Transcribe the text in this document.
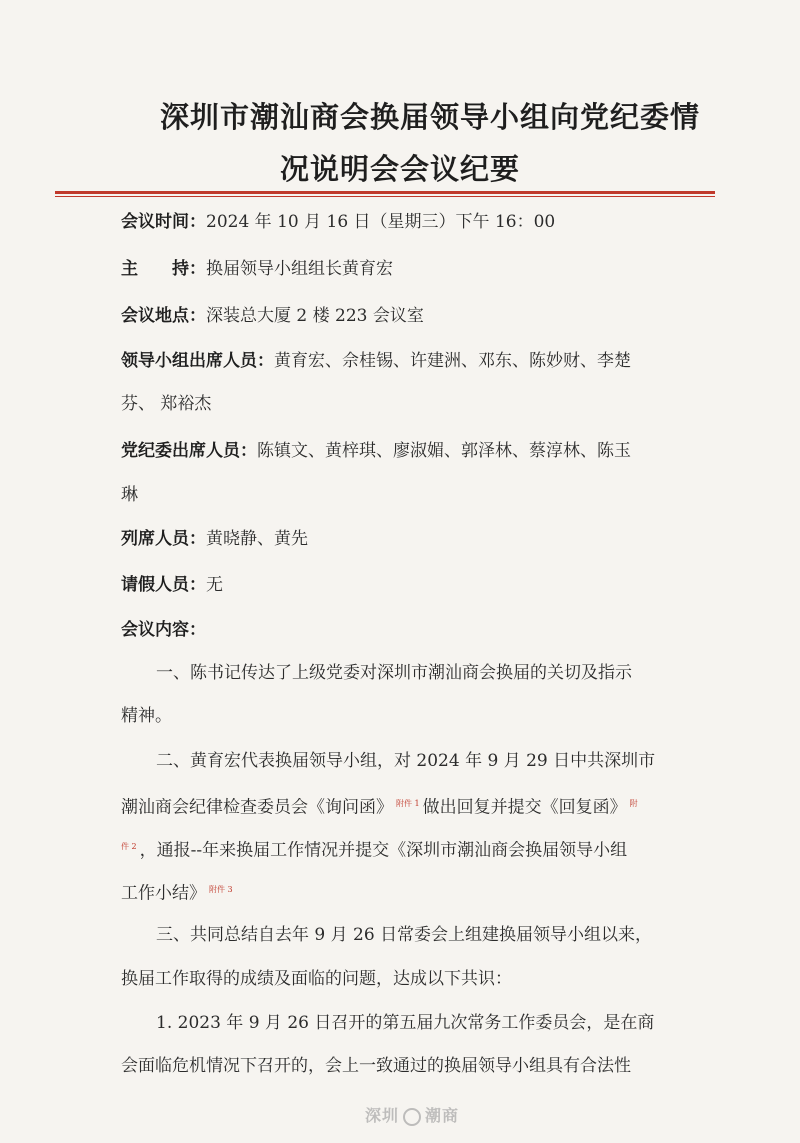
深圳市潮汕商会换届领导小组向党纪委情
况说明会会议纪要
会议时间：2024 年 10 月 16 日（星期三）下午 16：00
主　　持：换届领导小组组长黄育宏
会议地点：深装总大厦 2 楼 223 会议室
领导小组出席人员：黄育宏、佘桂锡、许建洲、邓东、陈妙财、李楚
芬、 郑裕杰
党纪委出席人员：陈镇文、黄梓琪、廖淑媚、郭泽林、蔡淳林、陈玉
琳
列席人员：黄晓静、黄先
请假人员：无
会议内容：
一、陈书记传达了上级党委对深圳市潮汕商会换届的关切及指示
精神。
二、黄育宏代表换届领导小组，对 2024 年 9 月 29 日中共深圳市
潮汕商会纪律检查委员会《询问函》 $^{附件 1}$ 做出回复并提交《回复函》 $^附$
$^{件 2}$ ，通报--年来换届工作情况并提交《深圳市潮汕商会换届领导小组
工作小结》 $^{附件 3}$
三、共同总结自去年 9 月 26 日常委会上组建换届领导小组以来，
换届工作取得的成绩及面临的问题，达成以下共识：
1. 2023 年 9 月 26 日召开的第五届九次常务工作委员会，是在商
会面临危机情况下召开的，会上一致通过的换届领导小组具有合法性
深圳 潮商
